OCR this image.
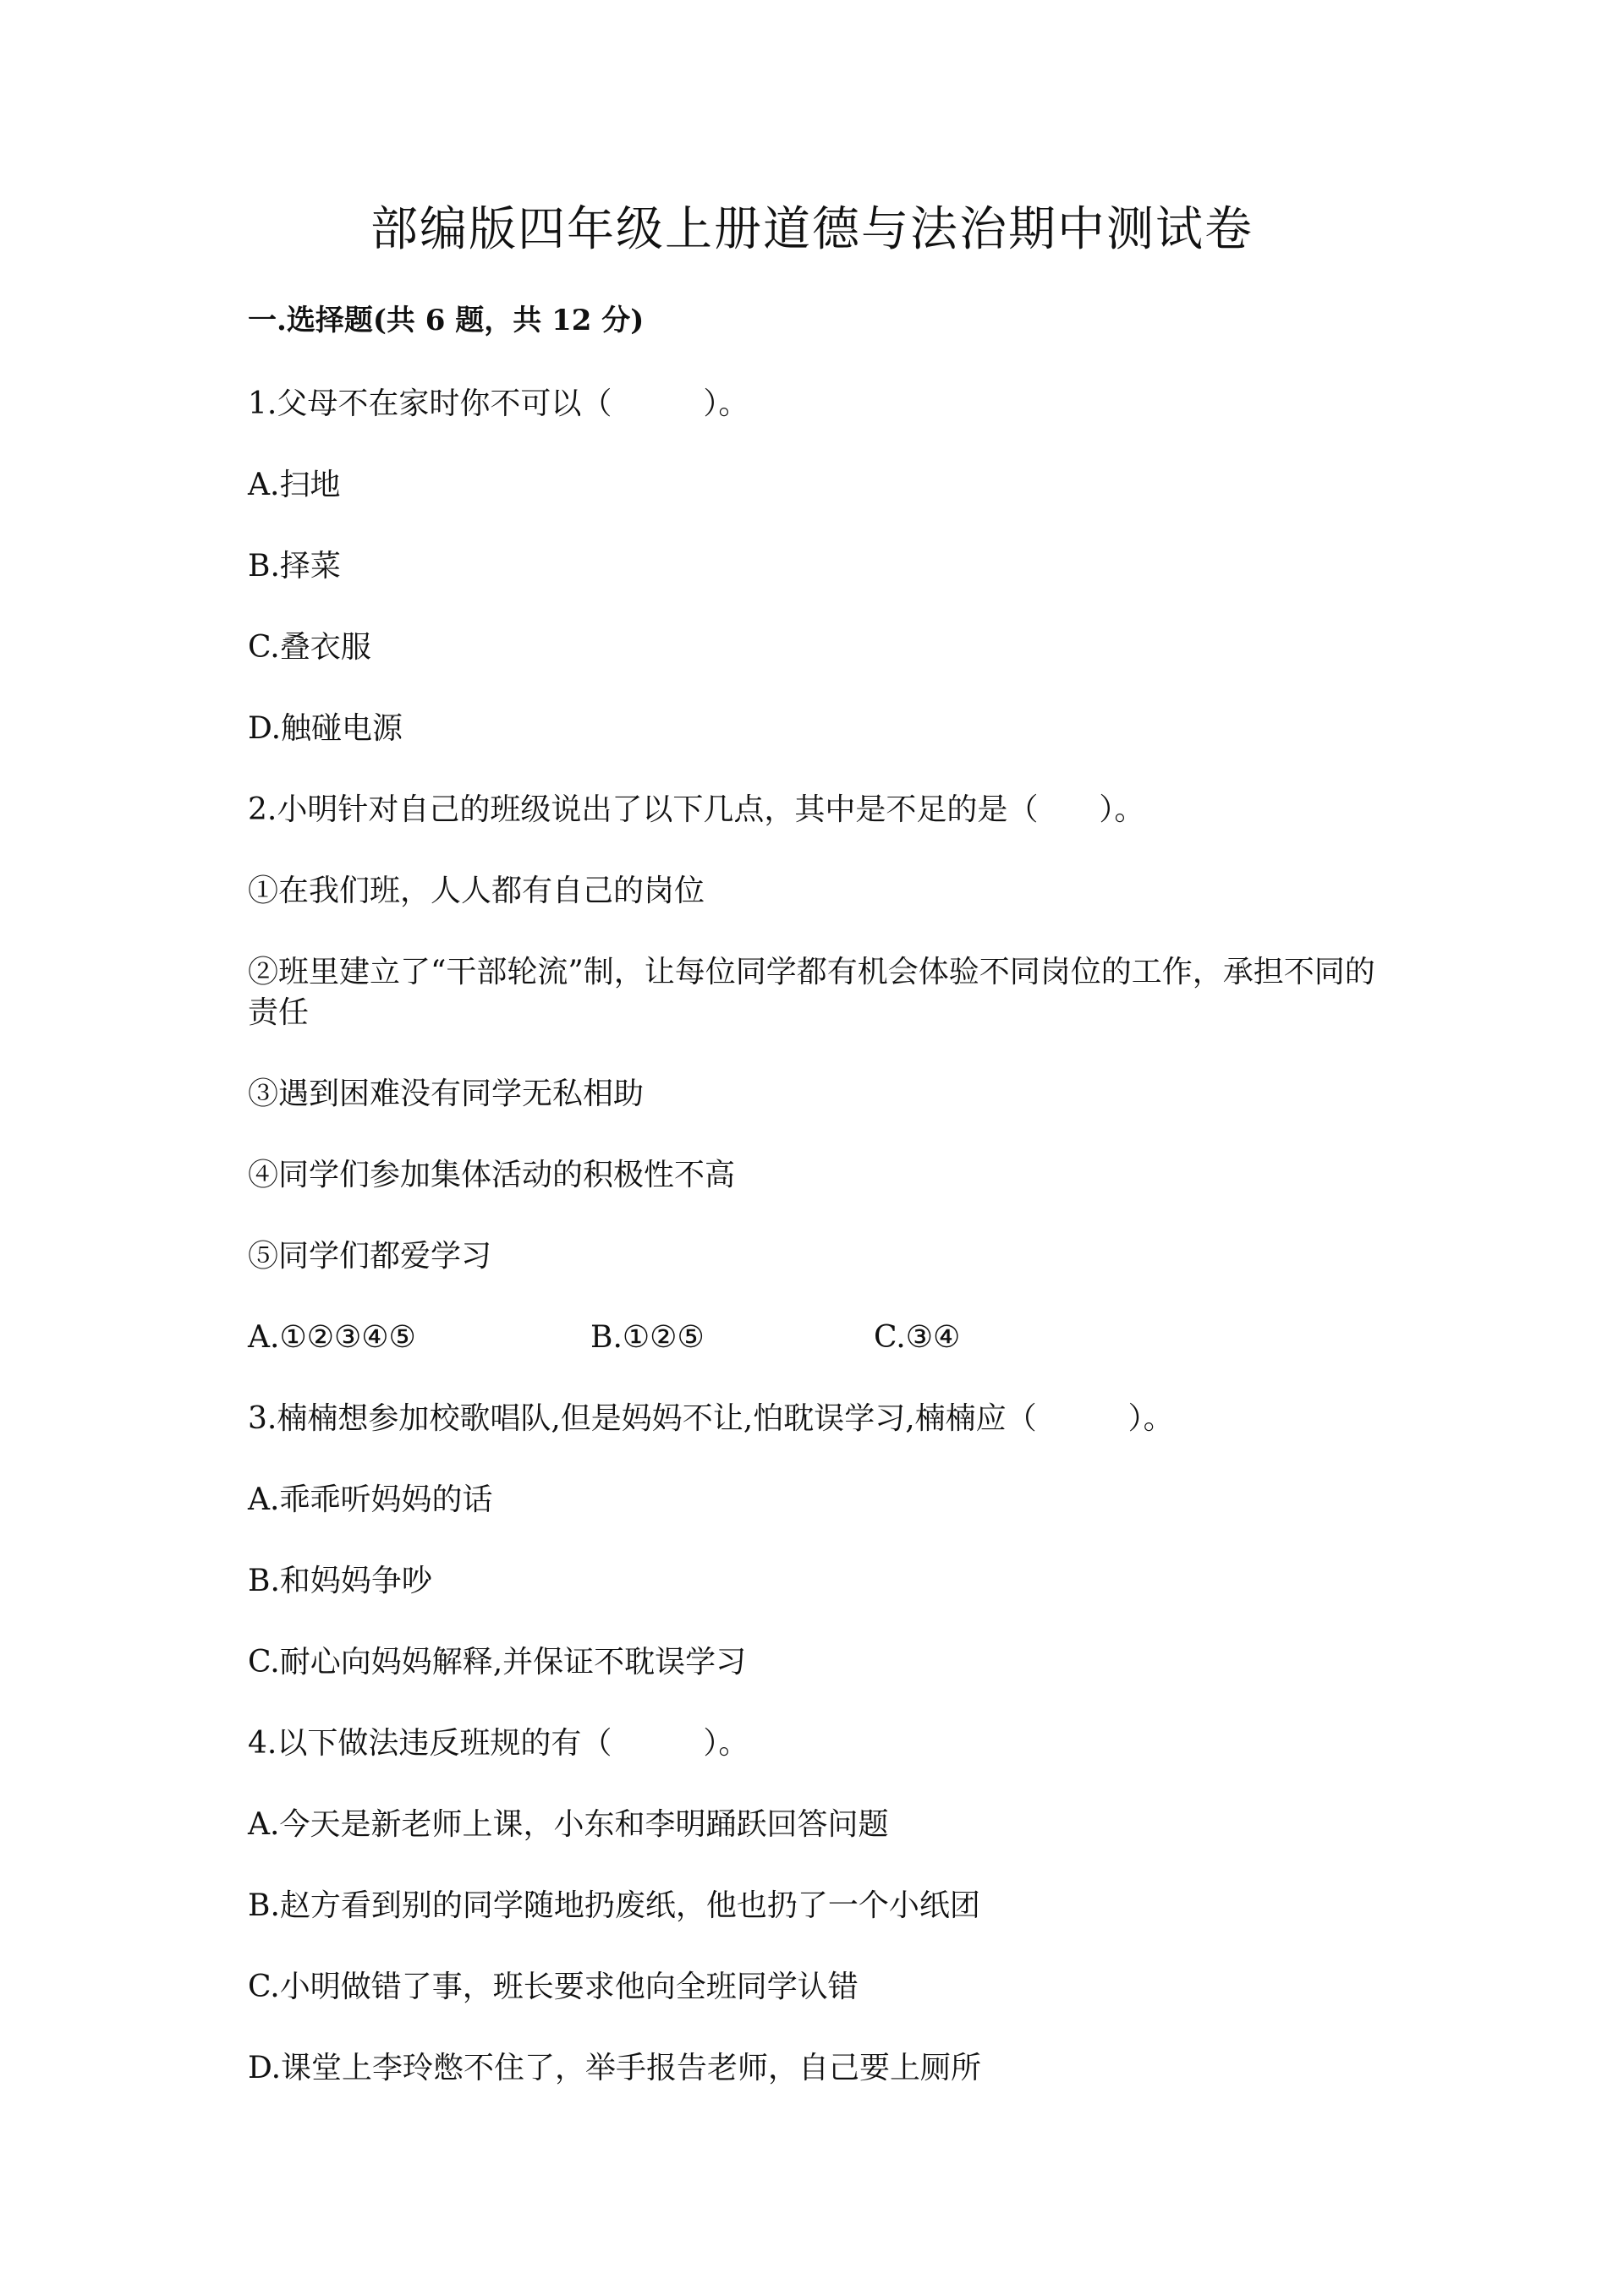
部编版四年级上册道德与法治期中测试卷
一.选择题(共 6 题，共 12 分)
1.父母不在家时你不可以（　　　）。
A.扫地
B.择菜
C.叠衣服
D.触碰电源
2.小明针对自己的班级说出了以下几点，其中是不足的是（　　）。
①在我们班，人人都有自己的岗位
②班里建立了“干部轮流”制，让每位同学都有机会体验不同岗位的工作，承担不同的责任
③遇到困难没有同学无私相助
④同学们参加集体活动的积极性不高
⑤同学们都爱学习
A.①②③④⑤	B.①②⑤	C.③④
3.楠楠想参加校歌唱队,但是妈妈不让,怕耽误学习,楠楠应（　　　）。
A.乖乖听妈妈的话
B.和妈妈争吵
C.耐心向妈妈解释,并保证不耽误学习
4.以下做法违反班规的有（　　　）。
A.今天是新老师上课，小东和李明踊跃回答问题
B.赵方看到别的同学随地扔废纸，他也扔了一个小纸团
C.小明做错了事，班长要求他向全班同学认错
D.课堂上李玲憋不住了，举手报告老师，自己要上厕所
